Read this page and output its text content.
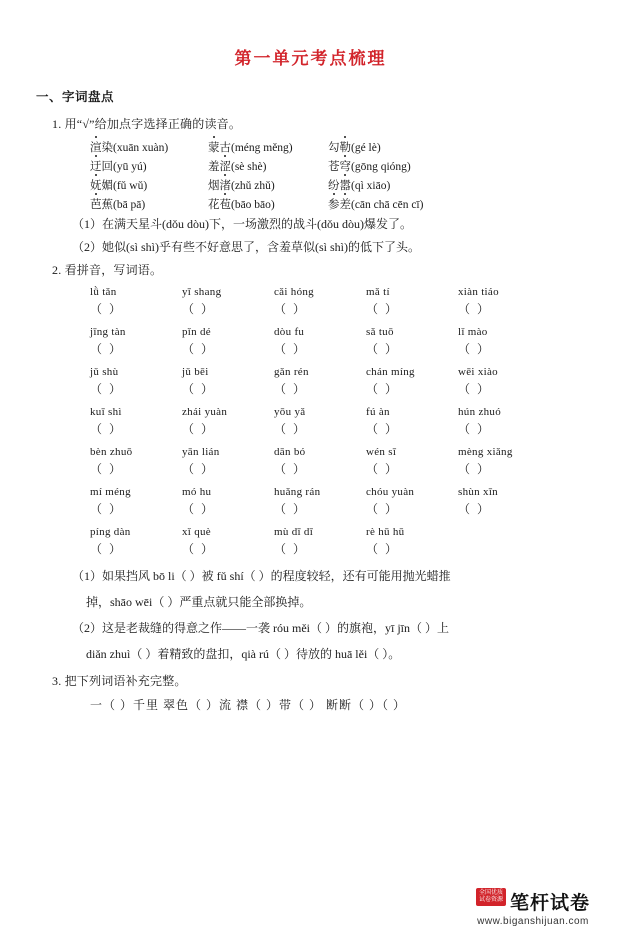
第一单元考点梳理
一、字词盘点
1. 用“√”给加点字选择正确的读音。
渲染(xuān xuàn)	蒙古(méng měng)	勾勒(gé lè)
迂回(yū yú)	羞涩(sè shè)	苍穹(gōng qióng)
妩媚(fǔ wǔ)	烟渚(zhǔ zhǔ)	纷嚣(qì xiāo)
芭蕉(bā pā)	花苞(bāo bāo)	参差(cān chā cēn cī)
（1）在满天星斗(dǒu dòu)下，一场激烈的战斗(dǒu dòu)爆发了。
（2）她似(sì shì)乎有些不好意思了，含羞草似(sì shì)的低下了头。
2. 看拼音，写词语。
lǜ tǎn	yī shang	cǎi hóng	mǎ tí	xiàn tiáo
（ ）	（ ）	（ ）	（ ）	（ ）
jīng tàn	pǐn dé	dòu fu	sǎ tuō	lǐ mào
（ ）	（ ）	（ ）	（ ）	（ ）
jǔ shù	jǔ bēi	gǎn rén	chán míng	wēi xiào
（ ）	（ ）	（ ）	（ ）	（ ）
kuī shì	zhái yuàn	yōu yǎ	fú àn	hún zhuó
（ ）	（ ）	（ ）	（ ）	（ ）
bèn zhuō	yān lián	dān bó	wén sī	mèng xiǎng
（ ）	（ ）	（ ）	（ ）	（ ）
mí méng	mó hu	huǎng rán	chóu yuàn	shùn xīn
（ ）	（ ）	（ ）	（ ）	（ ）
píng dàn	xǐ què	mù dī dī	rè hū hū
（ ）	（ ）	（ ）	（ ）
（1）如果挡风 bō li（ ）被 fǔ shí（ ）的程度较轻，还有可能用抛光蜡推
掉，shāo wēi（ ）严重点就只能全部换掉。
（2）这是老裁缝的得意之作——一袭 róu měi（ ）的旗袍，yī jīn（ ）上
diǎn zhuì（ ）着精致的盘扣，qià rú（ ）待放的 huā lěi（ ）。
3. 把下列词语补充完整。
一（ ）千里 翠色（ ）流 襟（ ）带（ ） 断断（ ）（ ）
全国优质
试卷资源 笔杆试卷
www.biganshijuan.com
